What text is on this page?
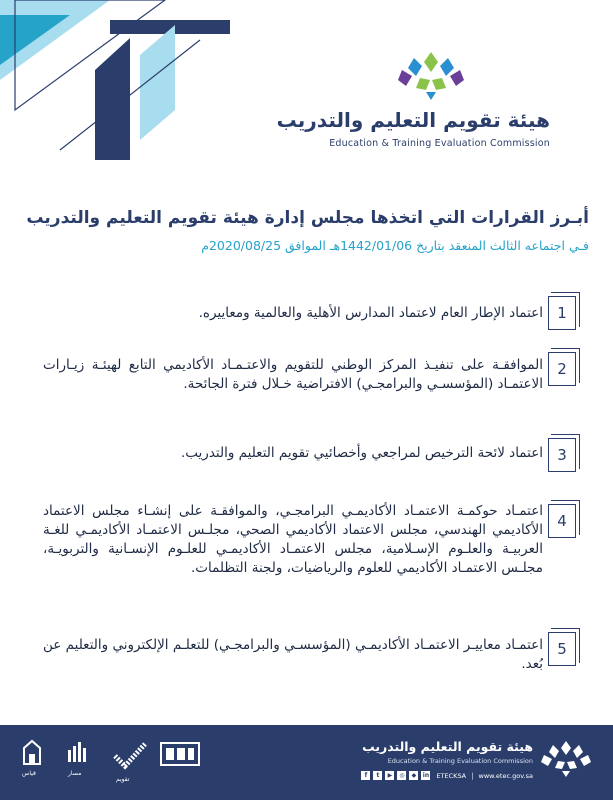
هيئة تقويم التعليم والتدريب
Education & Training Evaluation Commission
أبـرز القرارات التي اتخذها مجلس إدارة هيئة تقويم التعليم والتدريب
فـي اجتماعه الثالث المنعقد بتاريخ 1442/01/06هـ الموافق 2020/08/25م
1
اعتماد الإطار العام لاعتماد المدارس الأهلية والعالمية ومعاييره.
2
الموافقـة على تنفيـذ المركز الوطني للتقويم والاعتـمـاد الأكاديمي التابع لهيئـة زيـارات الاعتمـاد (المؤسسـي والبرامجـي) الافتراضية خـلال فترة الجائحة.
3
اعتماد لائحة الترخيص لمراجعي وأخصائيي تقويم التعليم والتدريب.
4
اعتمـاد حوكمـة الاعتمـاد الأكاديمـي البرامجـي، والموافقـة على إنشـاء مجلس الاعتماد الأكاديمي الهندسي، مجلس الاعتماد الأكاديمي الصحي، مجلـس الاعتمـاد الأكاديمـي للغـة العربيـة والعلـوم الإسـلامية، مجلس الاعتمـاد الأكاديمـي للعلـوم الإنسـانية والتربويـة، مجلـس الاعتمـاد الأكاديمي للعلوم والرياضيات، ولجنة التظلمات.
5
اعتمـاد معاييـر الاعتمـاد الأكاديمـي (المؤسسـي والبرامجـي) للتعلـم الإلكتروني والتعليم عن بُعد.
هيئة تقويم التعليم والتدريب
Education & Training Evaluation Commission
f	t	▶	◎	◆	in ETECKSA | www.etec.gov.sa
قياس	مسار
تقويم
